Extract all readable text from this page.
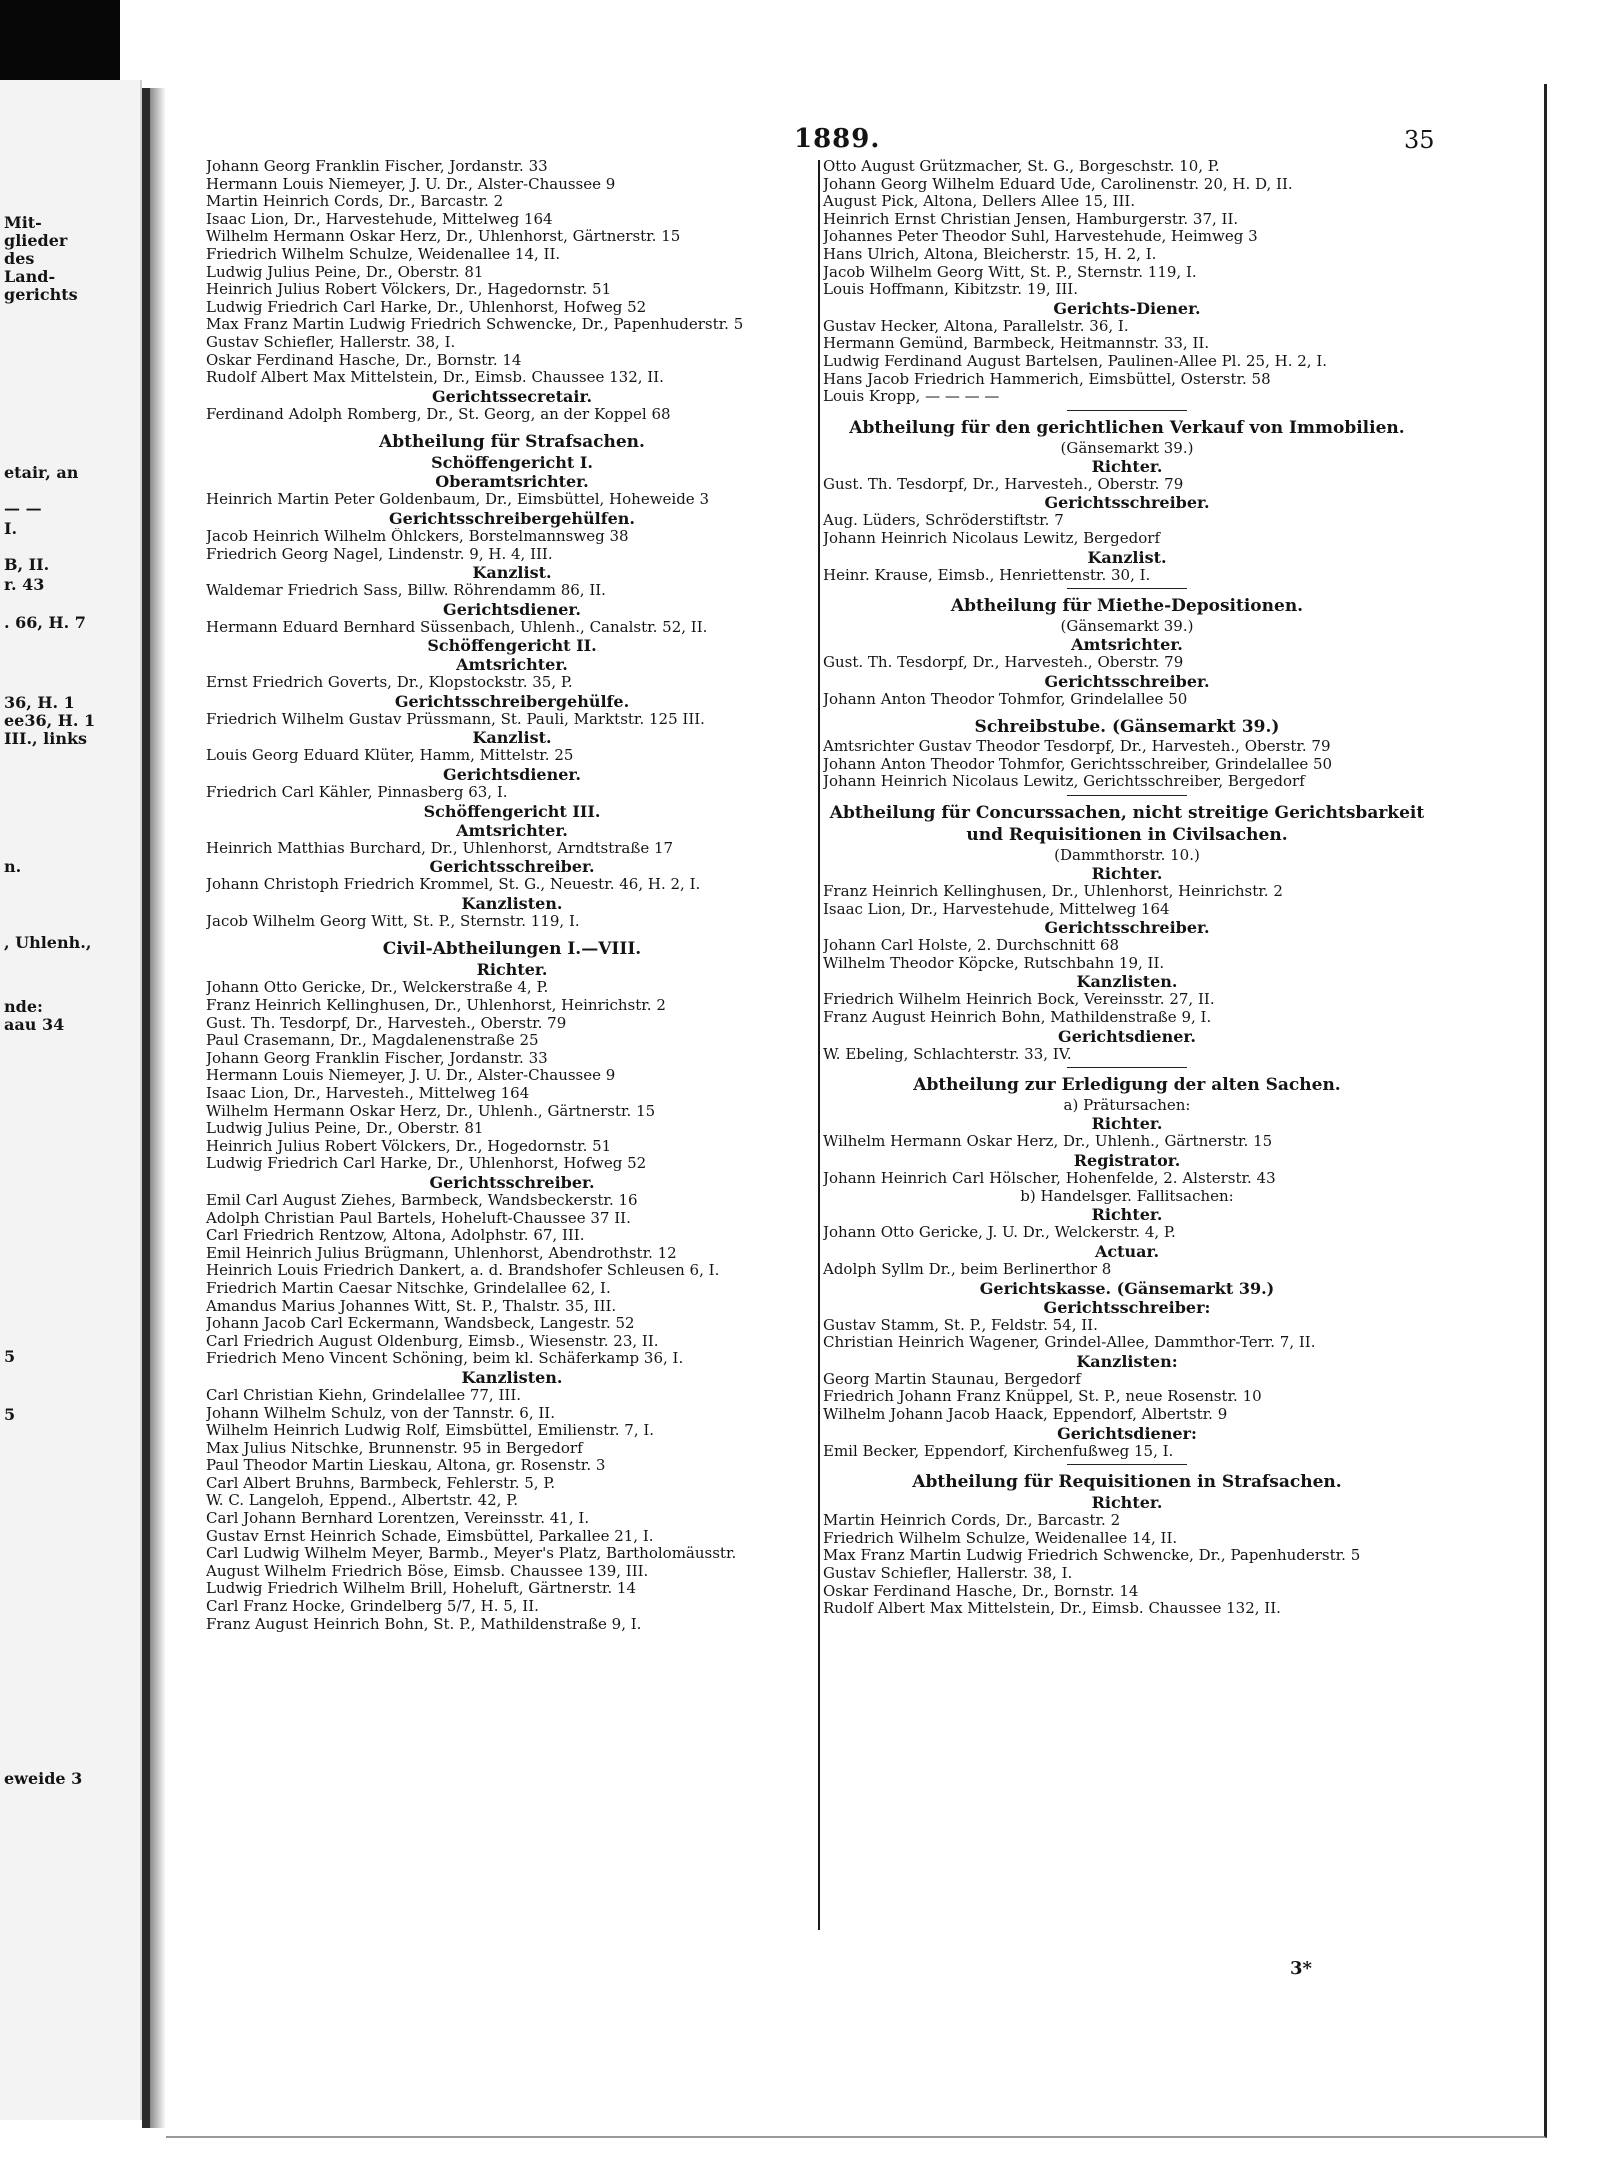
Mit-
glieder
des
Land-
gerichts
etair, an
— —
I.
B, II.
r. 43
. 66, H. 7
36, H. 1
ee36, H. 1
III., links
n.
, Uhlenh.,
nde:
aau 34
5
5
eweide 3
1889.	35
Johann Georg Franklin Fischer, Jordanstr. 33
Hermann Louis Niemeyer, J. U. Dr., Alster-Chaussee 9
Martin Heinrich Cords, Dr., Barcastr. 2
Isaac Lion, Dr., Harvestehude, Mittelweg 164
Wilhelm Hermann Oskar Herz, Dr., Uhlenhorst, Gärtnerstr. 15
Friedrich Wilhelm Schulze, Weidenallee 14, II.
Ludwig Julius Peine, Dr., Oberstr. 81
Heinrich Julius Robert Völckers, Dr., Hagedornstr. 51
Ludwig Friedrich Carl Harke, Dr., Uhlenhorst, Hofweg 52
Max Franz Martin Ludwig Friedrich Schwencke, Dr., Papenhuderstr. 5
Gustav Schiefler, Hallerstr. 38, I.
Oskar Ferdinand Hasche, Dr., Bornstr. 14
Rudolf Albert Max Mittelstein, Dr., Eimsb. Chaussee 132, II.
Gerichtssecretair.
Ferdinand Adolph Romberg, Dr., St. Georg, an der Koppel 68
Abtheilung für Strafsachen.
Schöffengericht I.
Oberamtsrichter.
Heinrich Martin Peter Goldenbaum, Dr., Eimsbüttel, Hoheweide 3
Gerichtsschreibergehülfen.
Jacob Heinrich Wilhelm Öhlckers, Borstelmannsweg 38
Friedrich Georg Nagel, Lindenstr. 9, H. 4, III.
Kanzlist.
Waldemar Friedrich Sass, Billw. Röhrendamm 86, II.
Gerichtsdiener.
Hermann Eduard Bernhard Süssenbach, Uhlenh., Canalstr. 52, II.
Schöffengericht II.
Amtsrichter.
Ernst Friedrich Goverts, Dr., Klopstockstr. 35, P.
Gerichtsschreibergehülfe.
Friedrich Wilhelm Gustav Prüssmann, St. Pauli, Marktstr. 125 III.
Kanzlist.
Louis Georg Eduard Klüter, Hamm, Mittelstr. 25
Gerichtsdiener.
Friedrich Carl Kähler, Pinnasberg 63, I.
Schöffengericht III.
Amtsrichter.
Heinrich Matthias Burchard, Dr., Uhlenhorst, Arndtstraße 17
Gerichtsschreiber.
Johann Christoph Friedrich Krommel, St. G., Neuestr. 46, H. 2, I.
Kanzlisten.
Jacob Wilhelm Georg Witt, St. P., Sternstr. 119, I.
Civil-Abtheilungen I.—VIII.
Richter.
Johann Otto Gericke, Dr., Welckerstraße 4, P.
Franz Heinrich Kellinghusen, Dr., Uhlenhorst, Heinrichstr. 2
Gust. Th. Tesdorpf, Dr., Harvesteh., Oberstr. 79
Paul Crasemann, Dr., Magdalenenstraße 25
Johann Georg Franklin Fischer, Jordanstr. 33
Hermann Louis Niemeyer, J. U. Dr., Alster-Chaussee 9
Isaac Lion, Dr., Harvesteh., Mittelweg 164
Wilhelm Hermann Oskar Herz, Dr., Uhlenh., Gärtnerstr. 15
Ludwig Julius Peine, Dr., Oberstr. 81
Heinrich Julius Robert Völckers, Dr., Hogedornstr. 51
Ludwig Friedrich Carl Harke, Dr., Uhlenhorst, Hofweg 52
Gerichtsschreiber.
Emil Carl August Ziehes, Barmbeck, Wandsbeckerstr. 16
Adolph Christian Paul Bartels, Hoheluft-Chaussee 37 II.
Carl Friedrich Rentzow, Altona, Adolphstr. 67, III.
Emil Heinrich Julius Brügmann, Uhlenhorst, Abendrothstr. 12
Heinrich Louis Friedrich Dankert, a. d. Brandshofer Schleusen 6, I.
Friedrich Martin Caesar Nitschke, Grindelallee 62, I.
Amandus Marius Johannes Witt, St. P., Thalstr. 35, III.
Johann Jacob Carl Eckermann, Wandsbeck, Langestr. 52
Carl Friedrich August Oldenburg, Eimsb., Wiesenstr. 23, II.
Friedrich Meno Vincent Schöning, beim kl. Schäferkamp 36, I.
Kanzlisten.
Carl Christian Kiehn, Grindelallee 77, III.
Johann Wilhelm Schulz, von der Tannstr. 6, II.
Wilhelm Heinrich Ludwig Rolf, Eimsbüttel, Emilienstr. 7, I.
Max Julius Nitschke, Brunnenstr. 95 in Bergedorf
Paul Theodor Martin Lieskau, Altona, gr. Rosenstr. 3
Carl Albert Bruhns, Barmbeck, Fehlerstr. 5, P.
W. C. Langeloh, Eppend., Albertstr. 42, P.
Carl Johann Bernhard Lorentzen, Vereinsstr. 41, I.
Gustav Ernst Heinrich Schade, Eimsbüttel, Parkallee 21, I.
Carl Ludwig Wilhelm Meyer, Barmb., Meyer's Platz, Bartholomäusstr.
August Wilhelm Friedrich Böse, Eimsb. Chaussee 139, III.
Ludwig Friedrich Wilhelm Brill, Hoheluft, Gärtnerstr. 14
Carl Franz Hocke, Grindelberg 5/7, H. 5, II.
Franz August Heinrich Bohn, St. P., Mathildenstraße 9, I.
Otto August Grützmacher, St. G., Borgeschstr. 10, P.
Johann Georg Wilhelm Eduard Ude, Carolinenstr. 20, H. D, II.
August Pick, Altona, Dellers Allee 15, III.
Heinrich Ernst Christian Jensen, Hamburgerstr. 37, II.
Johannes Peter Theodor Suhl, Harvestehude, Heimweg 3
Hans Ulrich, Altona, Bleicherstr. 15, H. 2, I.
Jacob Wilhelm Georg Witt, St. P., Sternstr. 119, I.
Louis Hoffmann, Kibitzstr. 19, III.
Gerichts-Diener.
Gustav Hecker, Altona, Parallelstr. 36, I.
Hermann Gemünd, Barmbeck, Heitmannstr. 33, II.
Ludwig Ferdinand August Bartelsen, Paulinen-Allee Pl. 25, H. 2, I.
Hans Jacob Friedrich Hammerich, Eimsbüttel, Osterstr. 58
Louis Kropp, — — — —
Abtheilung für den gerichtlichen Verkauf von Immobilien.
(Gänsemarkt 39.)
Richter.
Gust. Th. Tesdorpf, Dr., Harvesteh., Oberstr. 79
Gerichtsschreiber.
Aug. Lüders, Schröderstiftstr. 7
Johann Heinrich Nicolaus Lewitz, Bergedorf
Kanzlist.
Heinr. Krause, Eimsb., Henriettenstr. 30, I.
Abtheilung für Miethe-Depositionen.
(Gänsemarkt 39.)
Amtsrichter.
Gust. Th. Tesdorpf, Dr., Harvesteh., Oberstr. 79
Gerichtsschreiber.
Johann Anton Theodor Tohmfor, Grindelallee 50
Schreibstube. (Gänsemarkt 39.)
Amtsrichter Gustav Theodor Tesdorpf, Dr., Harvesteh., Oberstr. 79
Johann Anton Theodor Tohmfor, Gerichtsschreiber, Grindelallee 50
Johann Heinrich Nicolaus Lewitz, Gerichtsschreiber, Bergedorf
Abtheilung für Concurssachen, nicht streitige Gerichtsbarkeit
und Requisitionen in Civilsachen.
(Dammthorstr. 10.)
Richter.
Franz Heinrich Kellinghusen, Dr., Uhlenhorst, Heinrichstr. 2
Isaac Lion, Dr., Harvestehude, Mittelweg 164
Gerichtsschreiber.
Johann Carl Holste, 2. Durchschnitt 68
Wilhelm Theodor Köpcke, Rutschbahn 19, II.
Kanzlisten.
Friedrich Wilhelm Heinrich Bock, Vereinsstr. 27, II.
Franz August Heinrich Bohn, Mathildenstraße 9, I.
Gerichtsdiener.
W. Ebeling, Schlachterstr. 33, IV.
Abtheilung zur Erledigung der alten Sachen.
a) Prätursachen:
Richter.
Wilhelm Hermann Oskar Herz, Dr., Uhlenh., Gärtnerstr. 15
Registrator.
Johann Heinrich Carl Hölscher, Hohenfelde, 2. Alsterstr. 43
b) Handelsger. Fallitsachen:
Richter.
Johann Otto Gericke, J. U. Dr., Welckerstr. 4, P.
Actuar.
Adolph Syllm Dr., beim Berlinerthor 8
Gerichtskasse. (Gänsemarkt 39.)
Gerichtsschreiber:
Gustav Stamm, St. P., Feldstr. 54, II.
Christian Heinrich Wagener, Grindel-Allee, Dammthor-Terr. 7, II.
Kanzlisten:
Georg Martin Staunau, Bergedorf
Friedrich Johann Franz Knüppel, St. P., neue Rosenstr. 10
Wilhelm Johann Jacob Haack, Eppendorf, Albertstr. 9
Gerichtsdiener:
Emil Becker, Eppendorf, Kirchenfußweg 15, I.
Abtheilung für Requisitionen in Strafsachen.
Richter.
Martin Heinrich Cords, Dr., Barcastr. 2
Friedrich Wilhelm Schulze, Weidenallee 14, II.
Max Franz Martin Ludwig Friedrich Schwencke, Dr., Papenhuderstr. 5
Gustav Schiefler, Hallerstr. 38, I.
Oskar Ferdinand Hasche, Dr., Bornstr. 14
Rudolf Albert Max Mittelstein, Dr., Eimsb. Chaussee 132, II.
3*
